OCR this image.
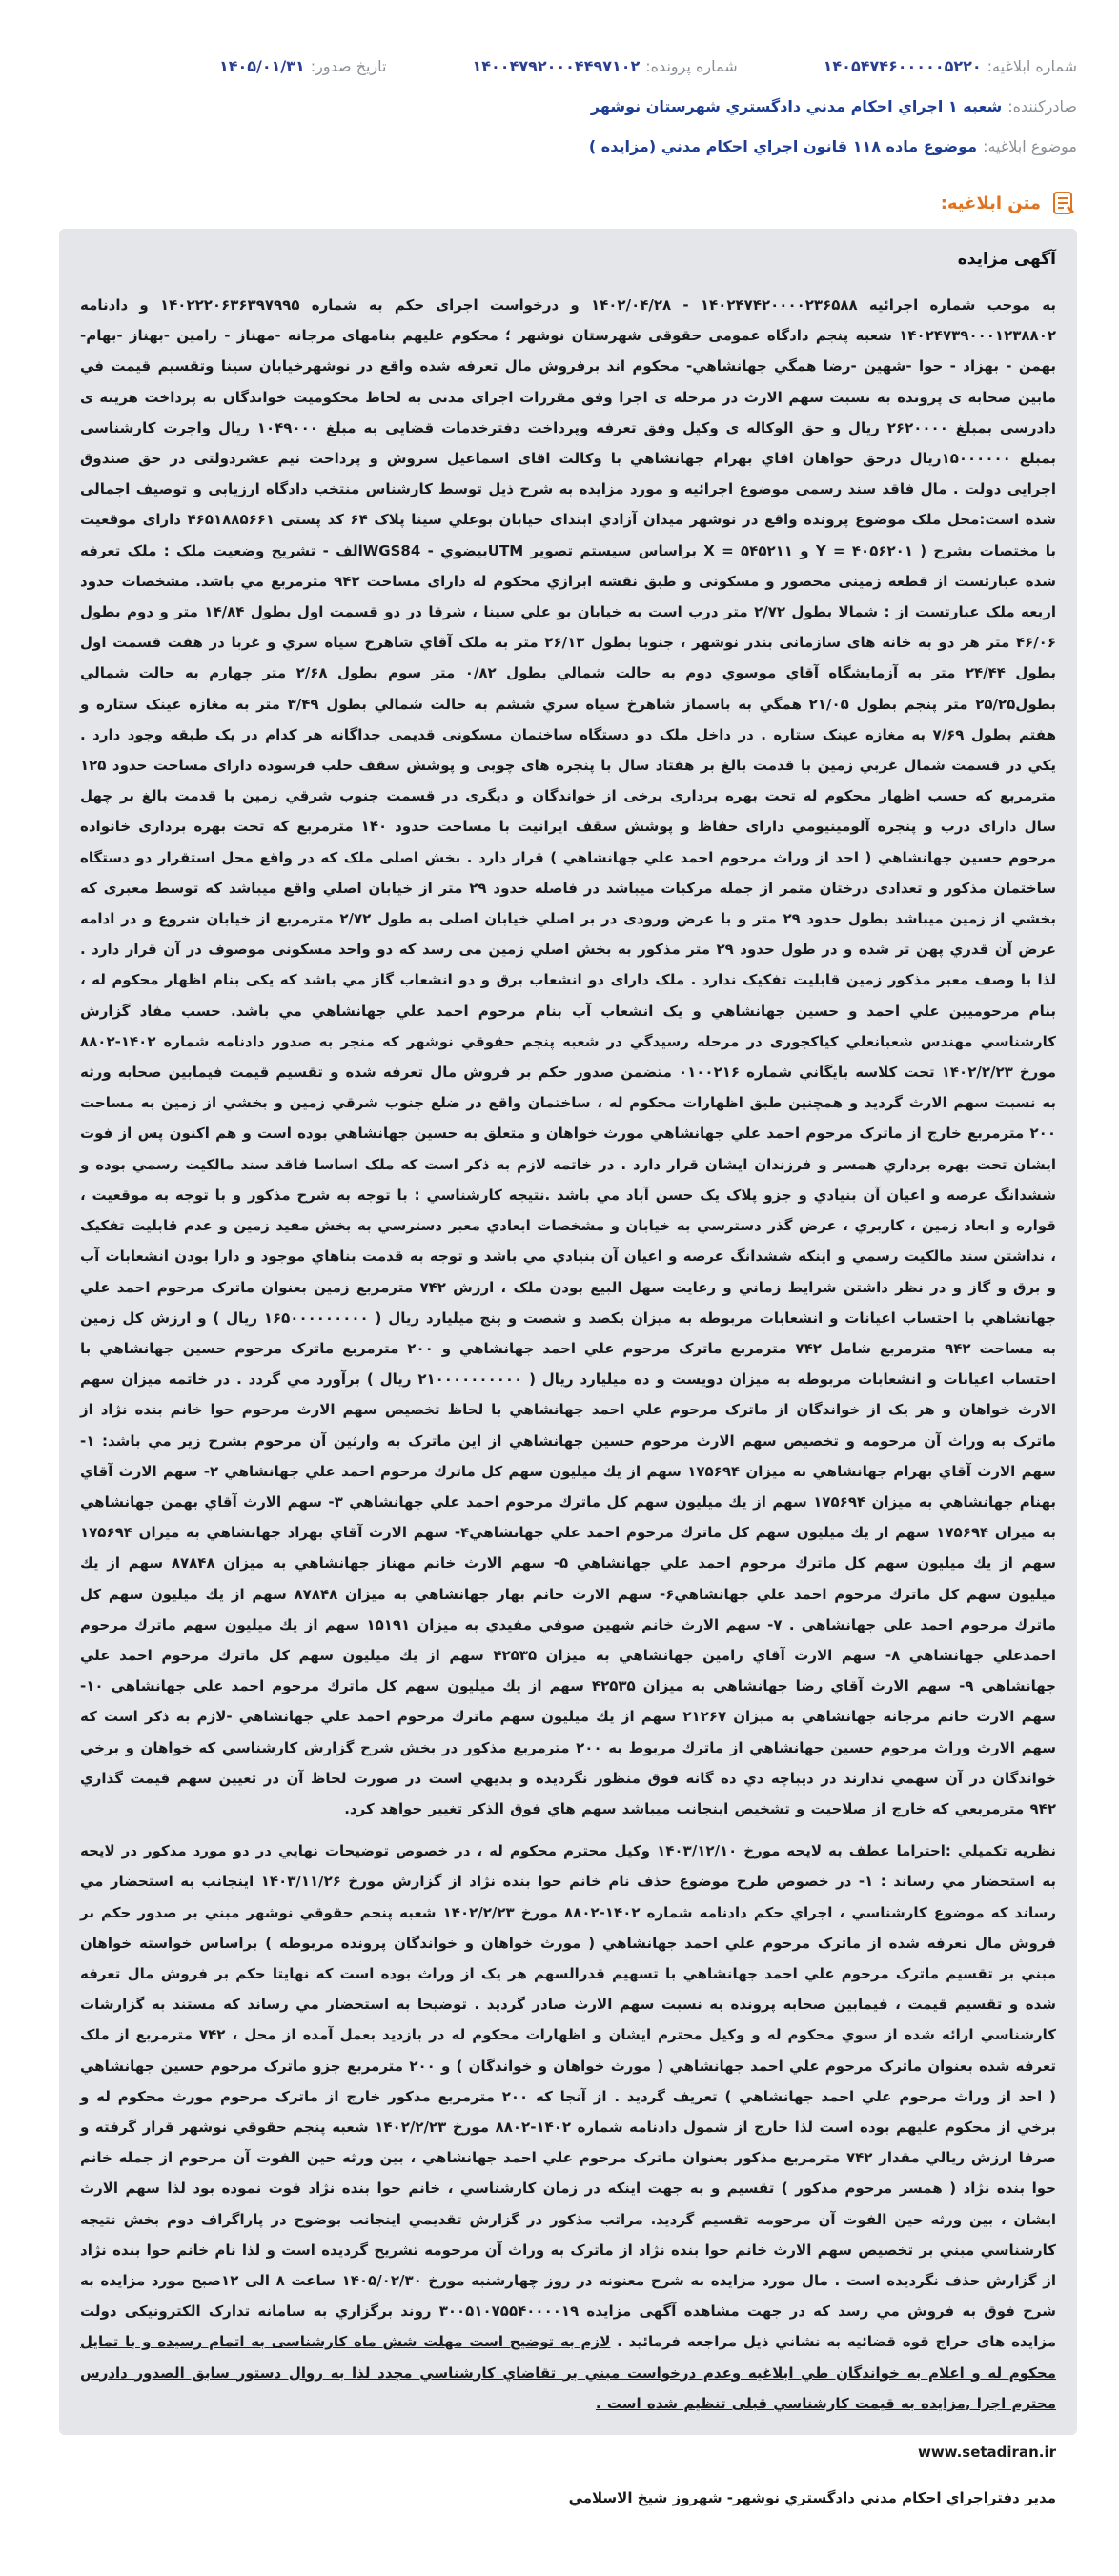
شماره ابلاغیه:
۱۴۰۵۴۷۴۶۰۰۰۰۰۵۲۲۰
شماره پرونده:
۱۴۰۰۴۷۹۲۰۰۰۴۴۹۷۱۰۲
تاریخ صدور:
۱۴۰۵/۰۱/۳۱
صادرکننده:
شعبه ۱ اجراي احكام مدني دادگستري شهرستان نوشهر
موضوع ابلاغیه:
موضوع ماده ۱۱۸ قانون اجراي احكام مدني (مزايده )
متن ابلاغیه:
آگهی مزایده

به موجب شماره اجرائيه ۱۴۰۲۴۷۴۲۰۰۰۰۲۳۶۵۸۸ - ۱۴۰۲/۰۴/۲۸ و درخواست اجرای حکم به شماره ۱۴۰۲۲۲۰۶۳۶۳۹۷۹۹۵ و دادنامه ۱۴۰۲۴۷۳۹۰۰۰۱۲۳۸۸۰۲ شعبه پنجم دادگاه عمومی حقوقی شهرستان نوشهر ؛ محکوم عليهم بنامهای مرجانه -مهناز - رامين -بهناز -بهام- بهمن - بهزاد - حوا -شهين -رضا همگي جهانشاهي- محکوم اند برفروش مال تعرفه شده واقع در نوشهرخيابان سينا وتقسيم قيمت في مابين صحابه ی پرونده به نسبت سهم الارث در مرحله ی اجرا وفق مقررات اجرای مدنی به لحاظ محکوميت خواندگان به پرداخت هزينه ی دادرسی بمبلغ ۲۶۲۰۰۰۰ ريال و حق الوکاله ی وکيل وفق تعرفه وپرداخت دفترخدمات قضايی به مبلغ ۱۰۴۹۰۰۰ ريال واجرت کارشناسی بمبلغ ۱۵۰۰۰۰۰۰ريال درحق خواهان اقاي بهرام جهانشاهي با وکالت اقای اسماعيل سروش و پرداخت نيم عشردولتی در حق صندوق اجرايی دولت . مال فاقد سند رسمی موضوع اجرائيه و مورد مزايده به شرح ذيل توسط کارشناس منتخب دادگاه ارزيابی و توصيف اجمالی شده است:محل ملک موضوع پرونده واقع در نوشهر ميدان آزادي ابتدای خيابان بوعلي سينا پلاک ۶۴ کد پستی ۴۶۵۱۸۸۵۶۶۱ دارای موقعيت با مختصات بشرح ( ۴۰۵۶۲۰۱ = Y و ۵۴۵۲۱۱ = X براساس سيستم تصوير UTMبيضوي - WGS84الف - تشريح وضعيت ملک : ملک تعرفه شده عبارتست از قطعه زمينی محصور و مسکونی و طبق نقشه ابرازي محکوم له دارای مساحت ۹۴۲ مترمربع مي باشد. مشخصات حدود اربعه ملک عبارتست از : شمالا بطول ۲/۷۲ متر درب است به خيابان بو علي سينا ، شرقا در دو قسمت اول بطول ۱۴/۸۴ متر و دوم بطول ۴۶/۰۶ متر هر دو به خانه های سازمانی بندر نوشهر ، جنوبا بطول ۲۶/۱۳ متر به ملک آقاي شاهرخ سياه سري و غربا در هفت قسمت اول بطول ۲۴/۴۴ متر به آزمايشگاه آقاي موسوي دوم به حالت شمالي بطول ۰/۸۲ متر سوم بطول ۲/۶۸ متر چهارم به حالت شمالي بطول۲۵/۲۵ متر پنجم بطول ۲۱/۰۵ همگي به باسماز شاهرخ سياه سري ششم به حالت شمالي بطول ۳/۴۹ متر به مغازه عينک ستاره و هفتم بطول ۷/۶۹ به مغازه عينک ستاره . در داخل ملک دو دستگاه ساختمان مسکونی قديمی جداگانه هر کدام در يک طبقه وجود دارد . يکي در قسمت شمال غربي زمين با قدمت بالغ بر هفتاد سال با پنجره های چوبی و پوشش سقف حلب فرسوده دارای مساحت حدود ۱۲۵ مترمربع که حسب اظهار محکوم له تحت بهره برداری برخی از خواندگان و ديگری در قسمت جنوب شرقي زمين با قدمت بالغ بر چهل سال دارای درب و پنجره آلومينيومي دارای حفاظ و پوشش سقف ايرانيت با مساحت حدود ۱۴۰ مترمربع که تحت بهره برداری خانواده مرحوم حسين جهانشاهي ( احد از وراث مرحوم احمد علي جهانشاهي ) قرار دارد . بخش اصلی ملک که در واقع محل استقرار دو دستگاه ساختمان مذکور و تعدادی درختان متمر از جمله مرکبات ميباشد در فاصله حدود ۲۹ متر از خيابان اصلي واقع ميباشد که توسط معبری که بخشي از زمين ميباشد بطول حدود ۲۹ متر و با عرض ورودی در بر اصلي خيابان اصلی به طول ۲/۷۲ مترمربع از خيابان شروع و در ادامه عرض آن قدري پهن تر شده و در طول حدود ۲۹ متر مذکور به بخش اصلي زمين می رسد که دو واحد مسکونی موصوف در آن قرار دارد . لذا با وصف معبر مذکور زمين قابليت تفکيک ندارد . ملک دارای دو انشعاب برق و دو انشعاب گاز مي باشد که يکی بنام اظهار محکوم له ، بنام مرحوميين علي احمد و حسين جهانشاهي و يک انشعاب آب بنام مرحوم احمد علي جهانشاهي مي باشد. حسب مفاد گزارش کارشناسي مهندس شعبانعلي کياکجوری در مرحله رسيدگي در شعبه پنجم حقوقي نوشهر که منجر به صدور دادنامه شماره ۱۴۰۲-۸۸۰۲ مورخ ۱۴۰۲/۲/۲۳ تحت کلاسه بايگاني شماره ۰۱۰۰۲۱۶ متضمن صدور حکم بر فروش مال تعرفه شده و تقسيم قيمت فيمابين صحابه ورثه به نسبت سهم الارث گرديد و همچنين طبق اظهارات محکوم له ، ساختمان واقع در ضلع جنوب شرقي زمين و بخشي از زمين به مساحت ۲۰۰ مترمربع خارج از ماترک مرحوم احمد علي جهانشاهي مورث خواهان و متعلق به حسين جهانشاهي بوده است و هم اکنون پس از فوت ايشان تحت بهره برداري همسر و فرزندان ايشان قرار دارد . در خاتمه لازم به ذکر است که ملک اساسا فاقد سند مالکيت رسمي بوده و ششدانگ عرصه و اعيان آن بنيادي و جزو پلاک يک حسن آباد مي باشد .نتيجه کارشناسي : با توجه به شرح مذکور و با توجه به موقعيت ، قواره و ابعاد زمين ، کاربري ، عرض گذر دسترسي به خيابان و مشخصات ابعادي معبر دسترسي به بخش مفيد زمين و عدم قابليت تفکيک ، نداشتن سند مالکيت رسمي و اينکه ششدانگ عرصه و اعيان آن بنيادي مي باشد و توجه به قدمت بناهاي موجود و دارا بودن انشعابات آب و برق و گاز و در نظر داشتن شرايط زماني و رعايت سهل البيع بودن ملک ، ارزش ۷۴۲ مترمربع زمين بعنوان ماترک مرحوم احمد علي جهانشاهي با احتساب اعيانات و انشعابات مربوطه به ميزان يکصد و شصت و پنج ميليارد ريال ( ۱۶۵۰۰۰۰۰۰۰۰۰ ريال ) و ارزش کل زمين به مساحت ۹۴۲ مترمربع شامل ۷۴۲ مترمربع ماترک مرحوم علي احمد جهانشاهي و ۲۰۰ مترمربع ماترک مرحوم حسين جهانشاهي با احتساب اعيانات و انشعابات مربوطه به ميزان دويست و ده ميليارد ريال ( ۲۱۰۰۰۰۰۰۰۰۰۰ ريال ) برآورد مي گردد . در خاتمه ميزان سهم الارث خواهان و هر يک از خواندگان از ماترک مرحوم علي احمد جهانشاهي با لحاظ تخصيص سهم الارث مرحوم حوا خانم بنده نژاد از ماترک به وراث آن مرحومه و تخصيص سهم الارث مرحوم حسين جهانشاهي از اين ماترک به وارثين آن مرحوم بشرح زير مي باشد: ۱- سهم الارث آقاي بهرام جهانشاهي به ميزان ۱۷۵۶۹۴ سهم از يك ميليون سهم كل ماترك مرحوم احمد علي جهانشاهي ۲- سهم الارث آقاي بهنام جهانشاهي به ميزان ۱۷۵۶۹۴ سهم از يك ميليون سهم كل ماترك مرحوم احمد علي جهانشاهي ۳- سهم الارث آقاي بهمن جهانشاهي به ميزان ۱۷۵۶۹۴ سهم از يك ميليون سهم كل ماترك مرحوم احمد علي جهانشاهي۴- سهم الارث آقاي بهزاد جهانشاهي به ميزان ۱۷۵۶۹۴ سهم از يك ميليون سهم كل ماترك مرحوم احمد علي جهانشاهي ۵- سهم الارث خانم مهناز جهانشاهي به ميزان ۸۷۸۴۸ سهم از يك ميليون سهم كل ماترك مرحوم احمد علي جهانشاهي۶- سهم الارث خانم بهار جهانشاهي به ميزان ۸۷۸۴۸ سهم از يك ميليون سهم كل ماترك مرحوم احمد علي جهانشاهي . ۷- سهم الارث خانم شهين صوفي مفيدي به ميزان ۱۵۱۹۱ سهم از يك ميليون سهم ماترك مرحوم احمدعلي جهانشاهي ۸- سهم الارث آقاي رامين جهانشاهي به ميزان ۴۲۵۳۵ سهم از يك ميليون سهم كل ماترك مرحوم احمد علي جهانشاهي ۹- سهم الارث آقاي رضا جهانشاهي به ميزان ۴۲۵۳۵ سهم از يك ميليون سهم كل ماترك مرحوم احمد علي جهانشاهي ۱۰- سهم الارث خانم مرجانه جهانشاهي به ميزان ۲۱۲۶۷ سهم از يك ميليون سهم ماترك مرحوم احمد علي جهانشاهي -لازم به ذكر است كه سهم الارث وراث مرحوم حسين جهانشاهي از ماترك مربوط به ۲۰۰ مترمربع مذكور در بخش شرح گزارش كارشناسي كه خواهان و برخي خواندگان در آن سهمي ندارند در ديباچه دي ده گانه فوق منظور نگرديده و بديهي است در صورت لحاظ آن در تعيين سهم قيمت گذاري ۹۴۲ مترمربعي كه خارج از صلاحيت و تشخيص اينجانب ميباشد سهم هاي فوق الذكر تغيير خواهد كرد.

نظريه تکميلي :احتراما عطف به لايحه مورخ ۱۴۰۳/۱۲/۱۰ وکيل محترم محکوم له ، در خصوص توضيحات نهايي در دو مورد مذکور در لايحه به استحضار مي رساند : ۱- در خصوص طرح موضوع حذف نام خانم حوا بنده نژاد از گزارش مورخ ۱۴۰۳/۱۱/۲۶ اينجانب به استحضار مي رساند که موضوع کارشناسي ، اجراي حکم دادنامه شماره ۱۴۰۲-۸۸۰۲ مورخ ۱۴۰۲/۲/۲۳ شعبه پنجم حقوقي نوشهر مبني بر صدور حکم بر فروش مال تعرفه شده از ماترک مرحوم علي احمد جهانشاهي ( مورث خواهان و خواندگان پرونده مربوطه ) براساس خواسته خواهان مبني بر تقسيم ماترک مرحوم علي احمد جهانشاهي با تسهيم قدرالسهم هر يک از وراث بوده است که نهايتا حکم بر فروش مال تعرفه شده و تقسيم قيمت ، فيمابين صحابه پرونده به نسبت سهم الارث صادر گرديد . توضيحا به استحضار مي رساند که مستند به گزارشات کارشناسي ارائه شده از سوي محکوم له و وکيل محترم ايشان و اظهارات محکوم له در بازديد بعمل آمده از محل ، ۷۴۲ مترمربع از ملک تعرفه شده بعنوان ماترک مرحوم علي احمد جهانشاهي ( مورث خواهان و خواندگان ) و ۲۰۰ مترمربع جزو ماترک مرحوم حسين جهانشاهي ( احد از وراث مرحوم علي احمد جهانشاهي ) تعريف گرديد . از آنجا که ۲۰۰ مترمربع مذکور خارج از ماترک مرحوم مورث محکوم له و برخي از محکوم عليهم بوده است لذا خارج از شمول دادنامه شماره ۱۴۰۲-۸۸۰۲ مورخ ۱۴۰۲/۲/۲۳ شعبه پنجم حقوقي نوشهر قرار گرفته و صرفا ارزش ريالي مقدار ۷۴۲ مترمربع مذکور بعنوان ماترک مرحوم علي احمد جهانشاهي ، بين ورثه حين الفوت آن مرحوم از جمله خانم حوا بنده نژاد ( همسر مرحوم مذکور ) تقسيم و به جهت اينکه در زمان کارشناسي ، خانم حوا بنده نژاد فوت نموده بود لذا سهم الارث ايشان ، بين ورثه حين الفوت آن مرحومه تقسيم گرديد. مراتب مذکور در گزارش تقديمي اينجانب بوضوح در پاراگراف دوم بخش نتيجه کارشناسي مبني بر تخصيص سهم الارث خانم حوا بنده نژاد از ماترک به وراث آن مرحومه تشريح گرديده است و لذا نام خانم حوا بنده نژاد از گزارش حذف نگرديده است . مال مورد مزايده به شرح معنونه در روز چهارشنبه مورخ ۱۴۰۵/۰۲/۳۰ ساعت ۸ الی ۱۲صبح مورد مزايده به شرح فوق به فروش مي رسد که در جهت مشاهده آگهی مزايده ۳۰۰۵۱۰۷۵۵۴۰۰۰۰۱۹ روند برگزاري به سامانه تدارک الکترونيکی دولت مزايده های حراج قوه قضائيه به نشاني ذيل مراجعه فرمائيد . لازم به توضيح است مهلت شش ماه کارشناسی به اتمام رسيده و با تمايل محکوم له و اعلام به خواندگان طي ابلاغيه وعدم درخواست مبني بر تقاضاي کارشناسي مجدد لذا به روال دستور سابق الصدور دادرس محترم اجرا ,مزايده به قيمت کارشناسي قبلی تنظيم شده است .

www.setadiran.ir
مدير دفتراجراي احكام مدني دادگستري نوشهر- شهروز شيخ الاسلامي
